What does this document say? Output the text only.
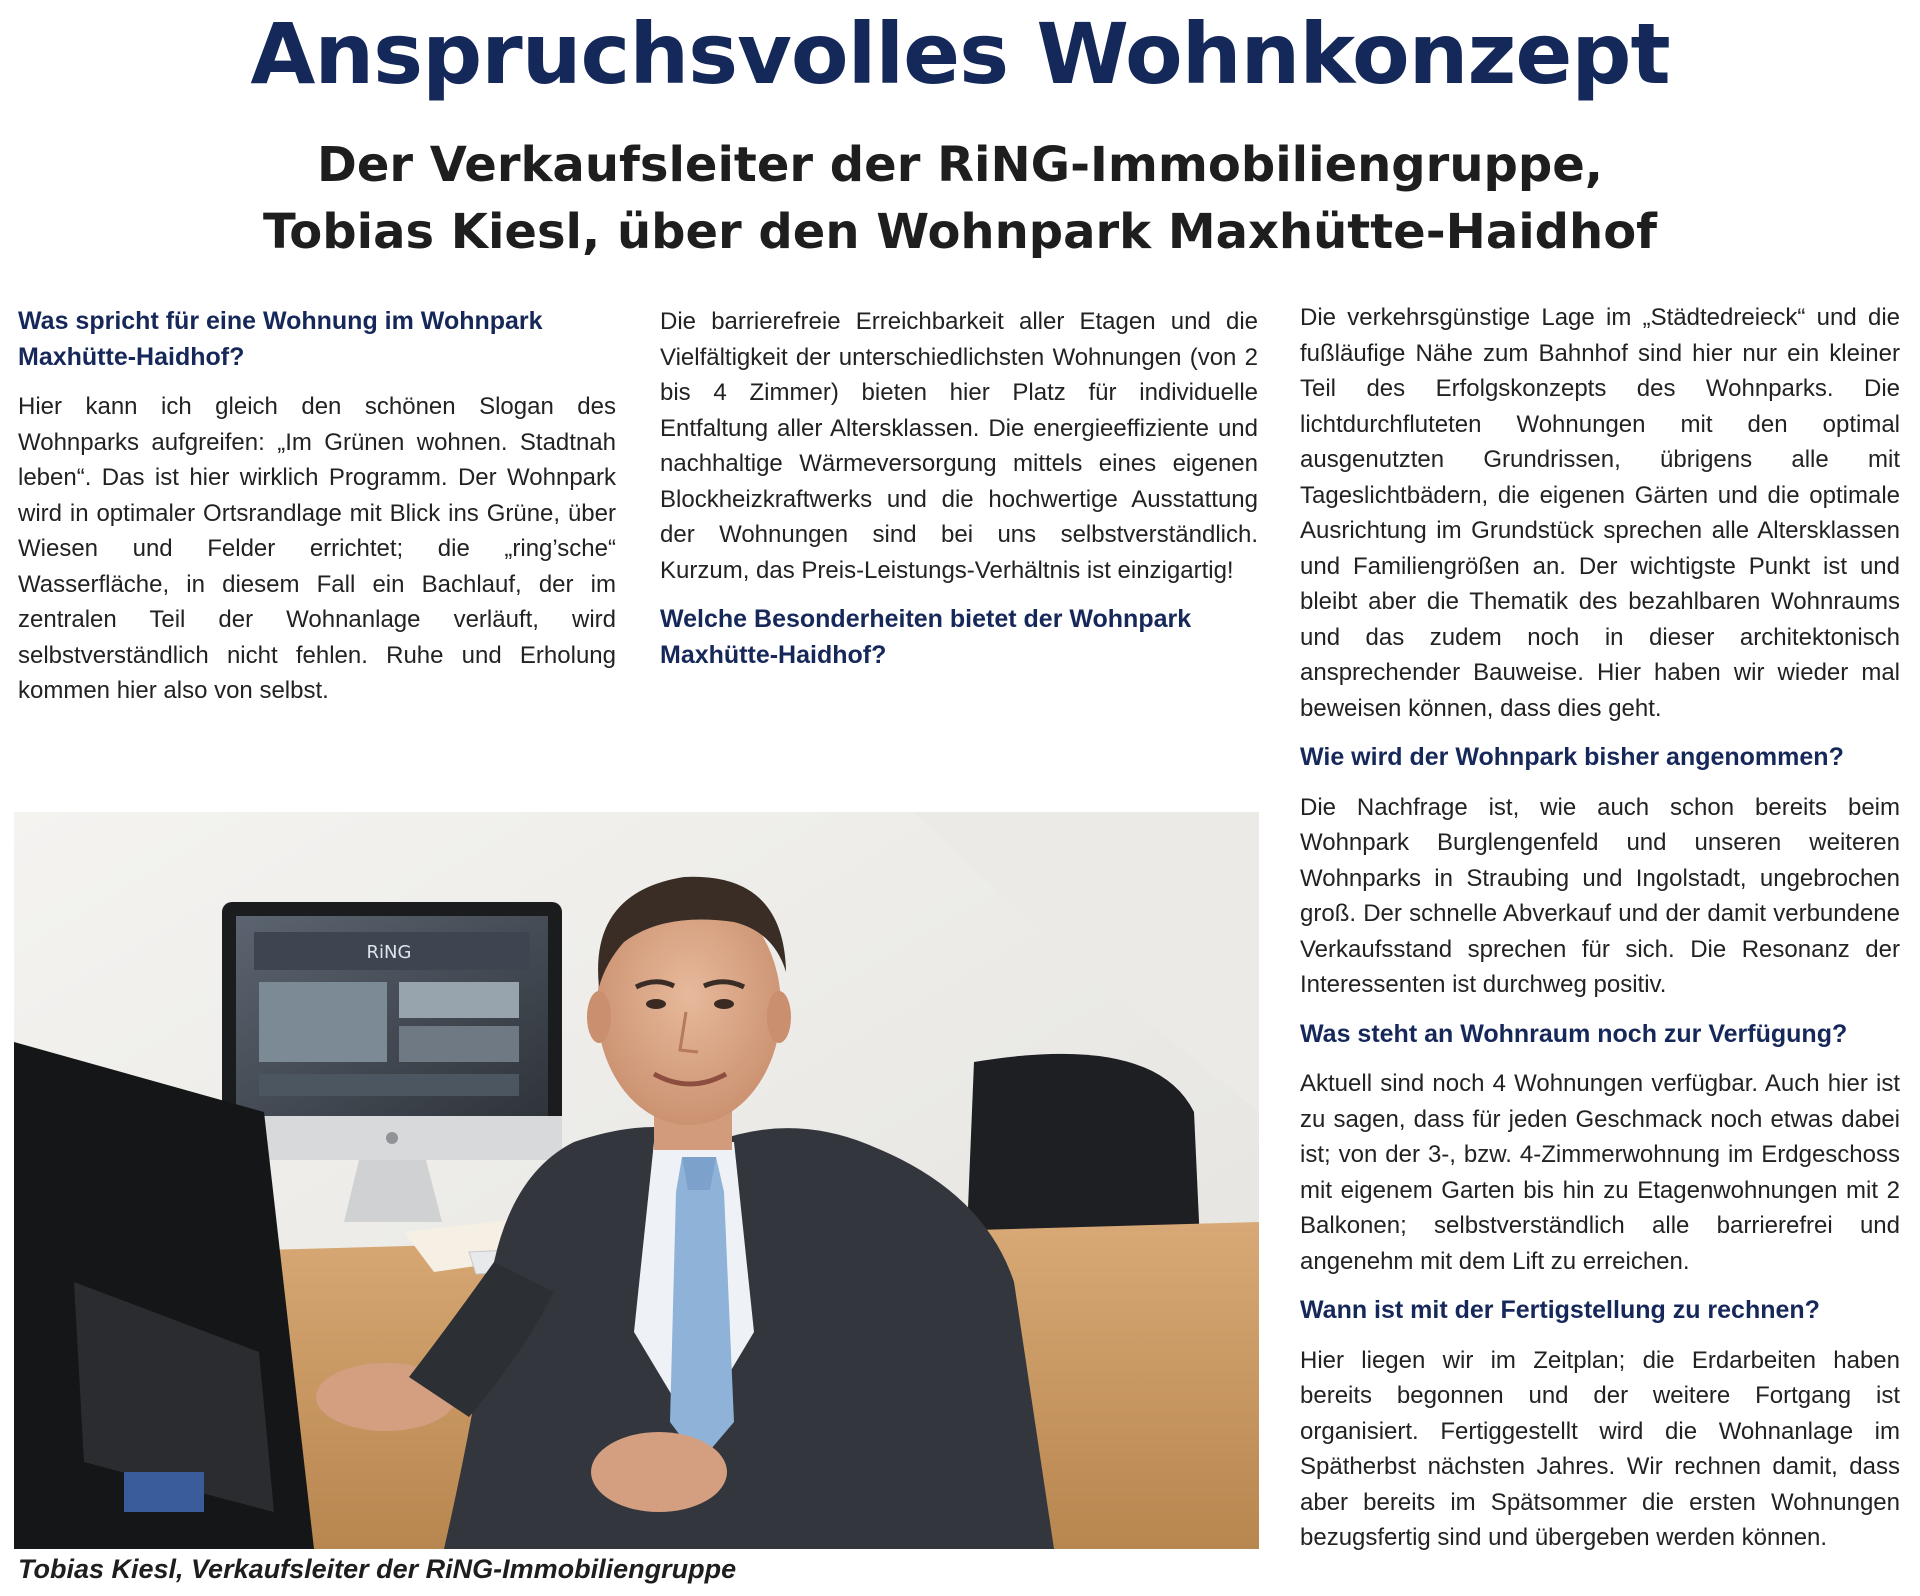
Anspruchsvolles Wohnkonzept
Der Verkaufsleiter der RiNG-Immobiliengruppe,
Tobias Kiesl, über den Wohnpark Maxhütte-Haidhof
Was spricht für eine Wohnung im Wohnpark Maxhütte-Haidhof?

Hier kann ich gleich den schönen Slogan des Wohnparks aufgreifen: „Im Grünen wohnen. Stadtnah leben“. Das ist hier wirklich Programm. Der Wohnpark wird in optimaler Ortsrandlage mit Blick ins Grüne, über Wiesen und Felder errichtet; die „ring’sche“ Wasserfläche, in diesem Fall ein Bachlauf, der im zentralen Teil der Wohnanlage verläuft, wird selbstverständlich nicht fehlen. Ruhe und Erholung kommen hier also von selbst.

Die barrierefreie Erreichbarkeit aller Etagen und die Vielfältigkeit der unterschiedlichsten Wohnungen (von 2 bis 4 Zimmer) bieten hier Platz für individuelle Entfaltung aller Altersklassen. Die energieeffiziente und nachhaltige Wärmeversorgung mittels eines eigenen Blockheizkraftwerks und die hochwertige Ausstattung der Wohnungen sind bei uns selbstverständlich. Kurzum, das Preis-Leistungs-Verhältnis ist einzigartig!

Welche Besonderheiten bietet der Wohnpark Maxhütte-Haidhof?

Die verkehrsgünstige Lage im „Städtedreieck“ und die fußläufige Nähe zum Bahnhof sind hier nur ein kleiner Teil des Erfolgskonzepts des Wohnparks. Die lichtdurchfluteten Wohnungen mit den optimal ausgenutzten Grundrissen, übrigens alle mit Tageslichtbädern, die eigenen Gärten und die optimale Ausrichtung im Grundstück sprechen alle Altersklassen und Familiengrößen an. Der wichtigste Punkt ist und bleibt aber die Thematik des bezahlbaren Wohnraums und das zudem noch in dieser architektonisch ansprechender Bauweise. Hier haben wir wieder mal beweisen können, dass dies geht.

Wie wird der Wohnpark bisher angenommen?

Die Nachfrage ist, wie auch schon bereits beim Wohnpark Burglengenfeld und unseren weiteren Wohnparks in Straubing und Ingolstadt, ungebrochen groß. Der schnelle Abverkauf und der damit verbundene Verkaufsstand sprechen für sich. Die Resonanz der Interessenten ist durchweg positiv.

Was steht an Wohnraum noch zur Verfügung?

Aktuell sind noch 4 Wohnungen verfügbar. Auch hier ist zu sagen, dass für jeden Geschmack noch etwas dabei ist; von der 3-, bzw. 4-Zimmerwohnung im Erdgeschoss mit eigenem Garten bis hin zu Etagenwohnungen mit 2 Balkonen; selbstverständlich alle barrierefrei und angenehm mit dem Lift zu erreichen.

Wann ist mit der Fertigstellung zu rechnen?

Hier liegen wir im Zeitplan; die Erdarbeiten haben bereits begonnen und der weitere Fortgang ist organisiert. Fertiggestellt wird die Wohnanlage im Spätherbst nächsten Jahres. Wir rechnen damit, dass aber bereits im Spätsommer die ersten Wohnungen bezugsfertig sind und übergeben werden können.

RiNG
Tobias Kiesl, Verkaufsleiter der RiNG-Immobiliengruppe
